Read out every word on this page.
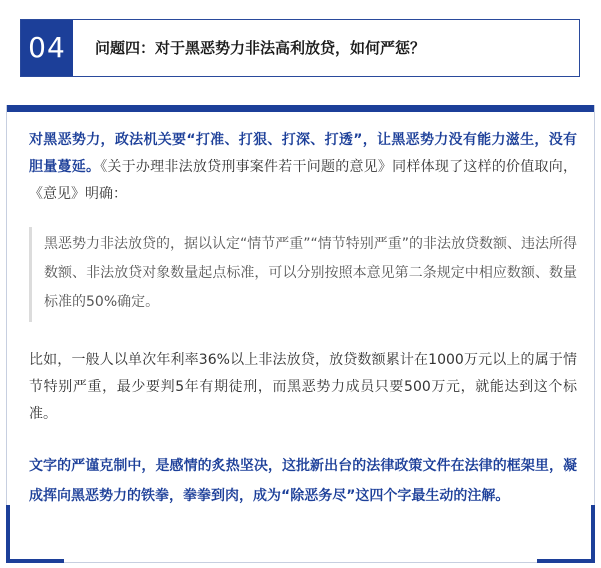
04	问题四：对于黑恶势力非法高利放贷，如何严惩？

对黑恶势力，政法机关要“打准、打狠、打深、打透”，让黑恶势力没有能力滋生，没有胆量蔓延。《关于办理非法放贷刑事案件若干问题的意见》同样体现了这样的价值取向，《意见》明确：

黑恶势力非法放贷的，据以认定“情节严重”“情节特别严重”的非法放贷数额、违法所得数额、非法放贷对象数量起点标准，可以分别按照本意见第二条规定中相应数额、数量标准的50%确定。

比如，一般人以单次年利率36%以上非法放贷，放贷数额累计在1000万元以上的属于情节特别严重，最少要判5年有期徒刑，而黑恶势力成员只要500万元，就能达到这个标准。

文字的严谨克制中，是感情的炙热坚决，这批新出台的法律政策文件在法律的框架里，凝成挥向黑恶势力的铁拳，拳拳到肉，成为“除恶务尽”这四个字最生动的注解。
